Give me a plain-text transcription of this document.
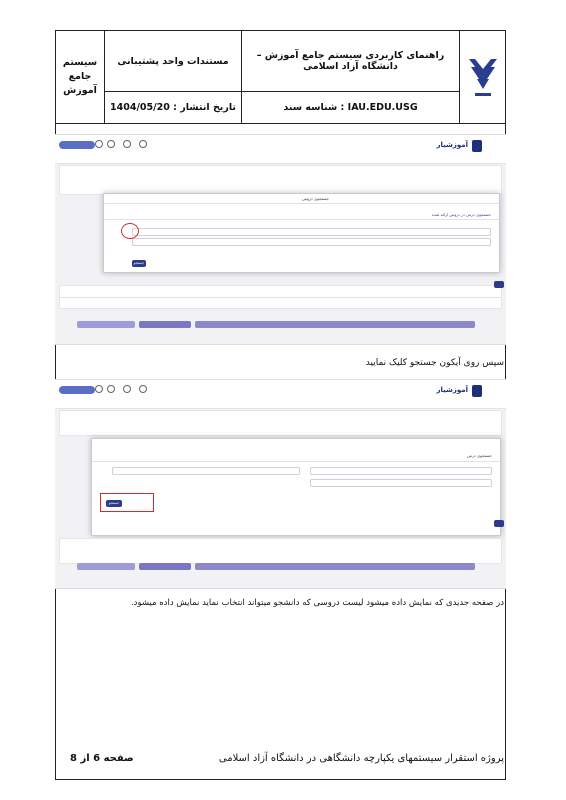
سیستم جامع آموزش	مستندات واحد پشتیبانی	راهنمای کاربردی سیستم جامع آموزش –دانشگاه آزاد اسلامی	

	تاریخ انتشار : 1404/05/20	شناسه سند : IAU.EDU.USG	
آموزشیار
جستجوی دروس
جستجوی درس در دروس ارائه شده
جستجو
سپس روی آیکون جستجو کلیک نمایید
آموزشیار
جستجوی درس
جستجو
در صفحه جدیدی که نمایش داده میشود لیست دروسی که دانشجو میتواند انتخاب نماید نمایش داده میشود.
پروژه استقرار سیستمهای یکپارچه دانشگاهی در دانشگاه آزاد اسلامی
صفحه 6 از 8
